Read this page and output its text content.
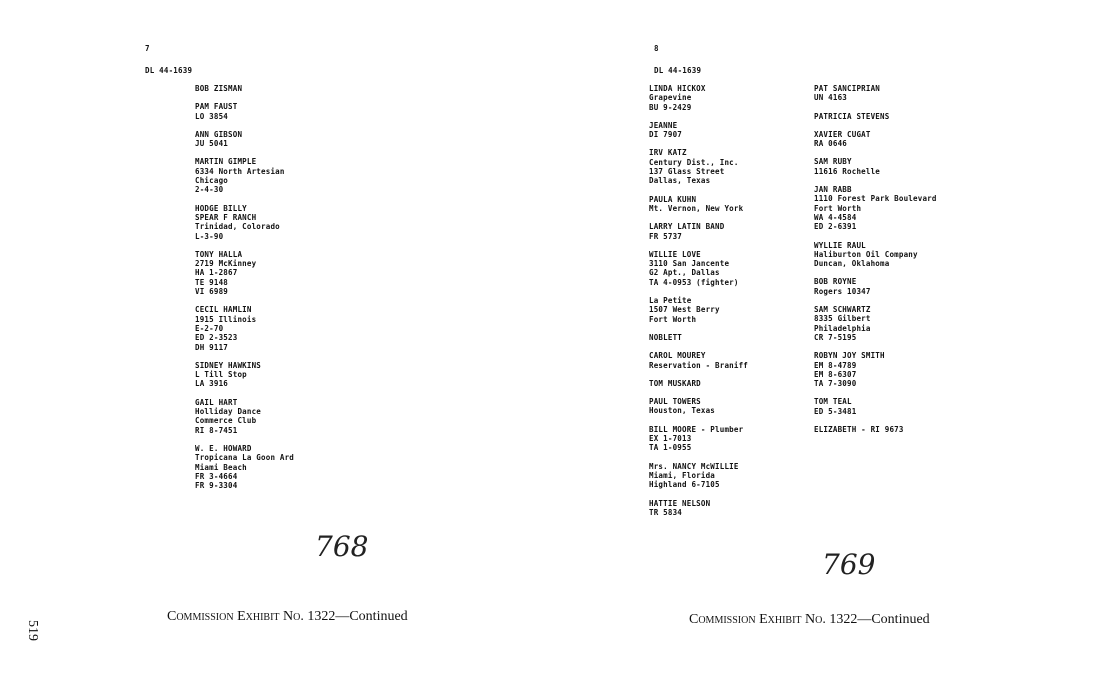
7
DL 44-1639
BOB ZISMAN
PAM FAUST
LO 3854
ANN GIBSON
JU 5041
MARTIN GIMPLE
6334 North Artesian
Chicago
2-4-30
HODGE BILLY
SPEAR F RANCH
Trinidad, Colorado
L-3-90
TONY HALLA
2719 McKinney
HA 1-2867
TE 9148
VI 6989
CECIL HAMLIN
1915 Illinois
E-2-70
ED 2-3523
DH 9117
SIDNEY HAWKINS
L Till Stop
LA 3916
GAIL HART
Holliday Dance
Commerce Club
RI 8-7451
W. E. HOWARD
Tropicana La Goon Ard
Miami Beach
FR 3-4664
FR 9-3304
768
Commission Exhibit No. 1322—Continued
8
DL 44-1639
LINDA HICKOX
Grapevine
BU 9-2429
JEANNE
DI 7907
IRV KATZ
Century Dist., Inc.
137 Glass Street
Dallas, Texas
PAULA KUHN
Mt. Vernon, New York
LARRY LATIN BAND
FR 5737
WILLIE LOVE
3110 San Jancente
G2 Apt., Dallas
TA 4-0953 (fighter)
La Petite
1507 West Berry
Fort Worth
NOBLETT
CAROL MOUREY
Reservation - Braniff
TOM MUSKARD
PAUL TOWERS
Houston, Texas
BILL MOORE - Plumber
EX 1-7013
TA 1-0955
Mrs. NANCY McWILLIE
Miami, Florida
Highland 6-7105
HATTIE NELSON
TR 5834
PAT SANCIPRIAN
UN 4163
PATRICIA STEVENS
XAVIER CUGAT
RA 0646
SAM RUBY
11616 Rochelle
JAN RABB
1110 Forest Park Boulevard
Fort Worth
WA 4-4584
ED 2-6391
WYLLIE RAUL
Haliburton Oil Company
Duncan, Oklahoma
BOB ROYNE
Rogers 10347
SAM SCHWARTZ
8335 Gilbert
Philadelphia
CR 7-5195
ROBYN JOY SMITH
EM 8-4789
EM 8-6307
TA 7-3090
TOM TEAL
ED 5-3481
ELIZABETH - RI 9673
769
Commission Exhibit No. 1322—Continued
519
